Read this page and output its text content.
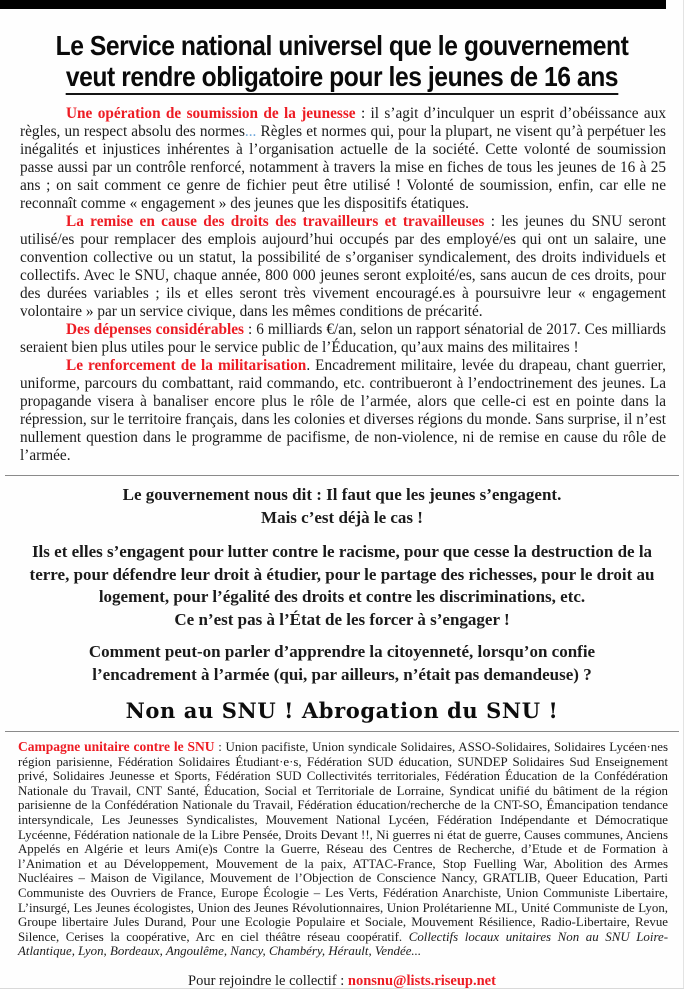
Le Service national universel que le gouvernement
veut rendre obligatoire pour les jeunes de 16 ans

Une opération de soumission de la jeunesse : il s’agit d’inculquer un esprit d’obéissance aux règles, un respect absolu des normes... Règles et normes qui, pour la plupart, ne visent qu’à perpétuer les inégalités et injustices inhérentes à l’organisation actuelle de la société. Cette volonté de soumission passe aussi par un contrôle renforcé, notamment à travers la mise en fiches de tous les jeunes de 16 à 25 ans ; on sait comment ce genre de fichier peut être utilisé ! Volonté de soumission, enfin, car elle ne reconnaît comme « engagement » des jeunes que les dispositifs étatiques.

La remise en cause des droits des travailleurs et travailleuses : les jeunes du SNU seront utilisé/es pour remplacer des emplois aujourd’hui occupés par des employé/es qui ont un salaire, une convention collective ou un statut, la possibilité de s’organiser syndicalement, des droits individuels et collectifs. Avec le SNU, chaque année, 800 000 jeunes seront exploité/es, sans aucun de ces droits, pour des durées variables ; ils et elles seront très vivement encouragé.es à poursuivre leur « engagement volontaire » par un service civique, dans les mêmes conditions de précarité.

Des dépenses considérables : 6 milliards €/an, selon un rapport sénatorial de 2017. Ces milliards seraient bien plus utiles pour le service public de l’Éducation, qu’aux mains des militaires !

Le renforcement de la militarisation. Encadrement militaire, levée du drapeau, chant guerrier, uniforme, parcours du combattant, raid commando, etc. contribueront à l’endoctrinement des jeunes. La propagande visera à banaliser encore plus le rôle de l’armée, alors que celle-ci est en pointe dans la répression, sur le territoire français, dans les colonies et diverses régions du monde. Sans surprise, il n’est nullement question dans le programme de pacifisme, de non-violence, ni de remise en cause du rôle de l’armée.

Le gouvernement nous dit : Il faut que les jeunes s’engagent.
Mais c’est déjà le cas !
Ils et elles s’engagent pour lutter contre le racisme, pour que cesse la destruction de la terre, pour défendre leur droit à étudier, pour le partage des richesses, pour le droit au logement, pour l’égalité des droits et contre les discriminations, etc.
Ce n’est pas à l’État de les forcer à s’engager !
Comment peut-on parler d’apprendre la citoyenneté, lorsqu’on confie l’encadrement à l’armée (qui, par ailleurs, n’était pas demandeuse) ?
Non au SNU ! Abrogation du SNU !

Campagne unitaire contre le SNU : Union pacifiste, Union syndicale Solidaires, ASSO-Solidaires, Solidaires Lycéen·nes région parisienne, Fédération Solidaires Étudiant·e·s, Fédération SUD éducation, SUNDEP Solidaires Sud Enseignement privé, Solidaires Jeunesse et Sports, Fédération SUD Collectivités territoriales, Fédération Éducation de la Confédération Nationale du Travail, CNT Santé, Éducation, Social et Territoriale de Lorraine, Syndicat unifié du bâtiment de la région parisienne de la Confédération Nationale du Travail, Fédération éducation/recherche de la CNT-SO, Émancipation tendance intersyndicale, Les Jeunesses Syndicalistes, Mouvement National Lycéen, Fédération Indépendante et Démocratique Lycéenne, Fédération nationale de la Libre Pensée, Droits Devant !!, Ni guerres ni état de guerre, Causes communes, Anciens Appelés en Algérie et leurs Ami(e)s Contre la Guerre, Réseau des Centres de Recherche, d’Etude et de Formation à l’Animation et au Développement, Mouvement de la paix, ATTAC-France, Stop Fuelling War, Abolition des Armes Nucléaires – Maison de Vigilance, Mouvement de l’Objection de Conscience Nancy, GRATLIB, Queer Education, Parti Communiste des Ouvriers de France, Europe Écologie – Les Verts, Fédération Anarchiste, Union Communiste Libertaire, L’insurgé, Les Jeunes écologistes, Union des Jeunes Révolutionnaires, Union Prolétarienne ML, Unité Communiste de Lyon, Groupe libertaire Jules Durand, Pour une Ecologie Populaire et Sociale, Mouvement Résilience, Radio-Libertaire, Revue Silence, Cerises la coopérative, Arc en ciel théâtre réseau coopératif. Collectifs locaux unitaires Non au SNU Loire-Atlantique, Lyon, Bordeaux, Angoulême, Nancy, Chambéry, Hérault, Vendée...

Pour rejoindre le collectif : nonsnu@lists.riseup.net
